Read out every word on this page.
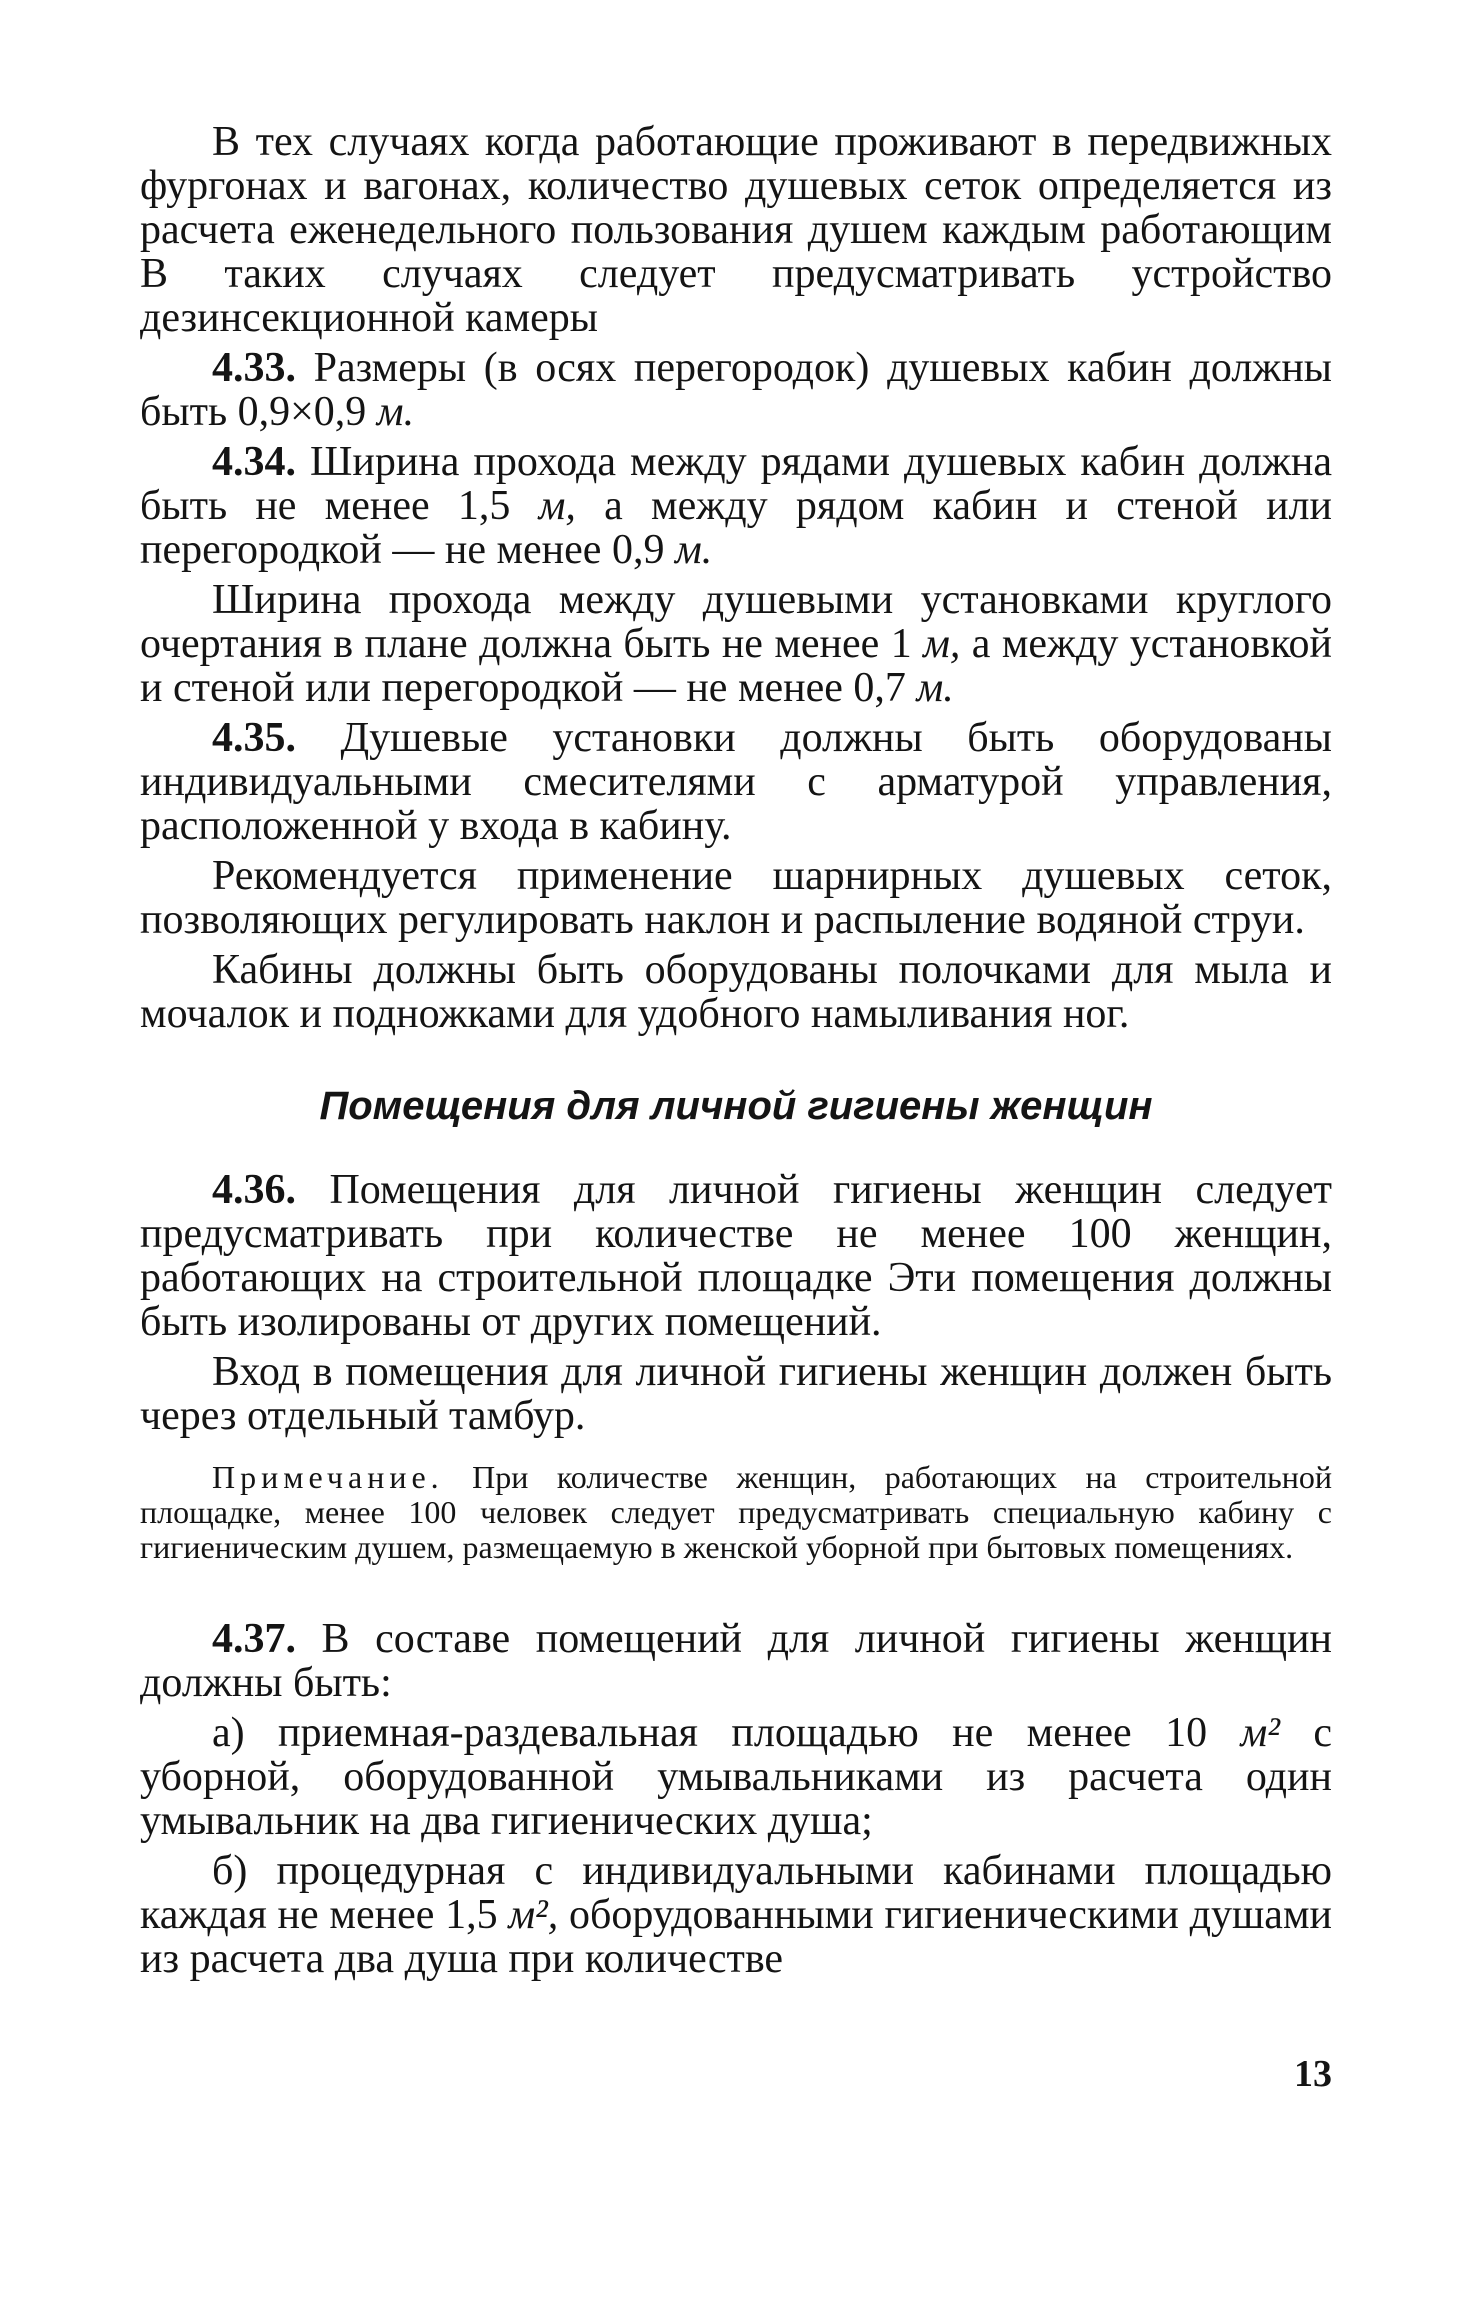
В тех случаях когда работающие проживают в передвижных фургонах и вагонах, количество душевых сеток определяется из расчета еженедельного пользования душем каждым работающим В таких случаях следует предусматривать устройство дезинсекционной камеры

4.33. Размеры (в осях перегородок) душевых кабин должны быть 0,9×0,9 м.

4.34. Ширина прохода между рядами душевых кабин должна быть не менее 1,5 м, а между рядом кабин и стеной или перегородкой — не менее 0,9 м.

Ширина прохода между душевыми установками круглого очертания в плане должна быть не менее 1 м, а между установкой и стеной или перегородкой — не менее 0,7 м.

4.35. Душевые установки должны быть оборудованы индивидуальными смесителями с арматурой управления, расположенной у входа в кабину.

Рекомендуется применение шарнирных душевых сеток, позволяющих регулировать наклон и распыление водяной струи.

Кабины должны быть оборудованы полочками для мыла и мочалок и подножками для удобного намыливания ног.

Помещения для личной гигиены женщин

4.36. Помещения для личной гигиены женщин следует предусматривать при количестве не менее 100 женщин, работающих на строительной площадке Эти помещения должны быть изолированы от других помещений.

Вход в помещения для личной гигиены женщин должен быть через отдельный тамбур.

Примечание. При количестве женщин, работающих на строительной площадке, менее 100 человек следует предусматривать специальную кабину с гигиеническим душем, размещаемую в женской уборной при бытовых помещениях.

4.37. В составе помещений для личной гигиены женщин должны быть:

а) приемная-раздевальная площадью не менее 10 м² с уборной, оборудованной умывальниками из расчета один умывальник на два гигиенических душа;

б) процедурная с индивидуальными кабинами площадью каждая не менее 1,5 м², оборудованными гигиеническими душами из расчета два душа при количестве

13
